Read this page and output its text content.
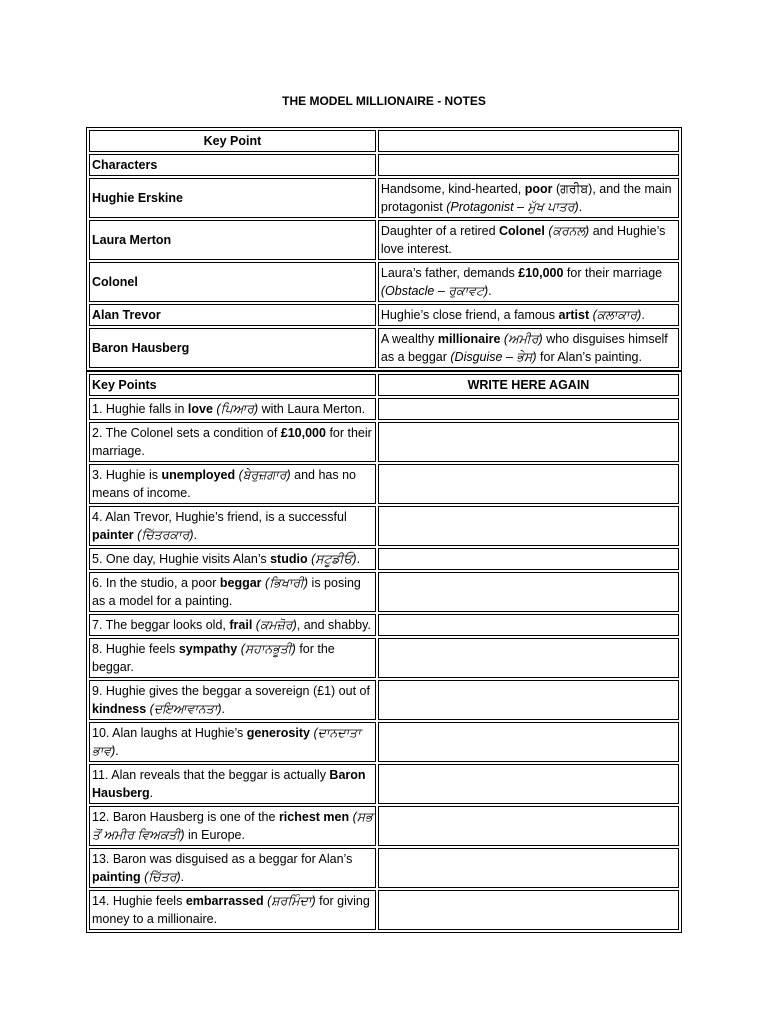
THE MODEL MILLIONAIRE - NOTES
Key Point	
Characters	
Hughie Erskine	Handsome, kind-hearted, poor (ਗਰੀਬ), and the main protagonist (Protagonist – ਮੁੱਖ ਪਾਤਰ).
Laura Merton	Daughter of a retired Colonel (ਕਰਨਲ) and Hughie’s love interest.
Colonel	Laura’s father, demands £10,000 for their marriage (Obstacle – ਰੁਕਾਵਟ).
Alan Trevor	Hughie’s close friend, a famous artist (ਕਲਾਕਾਰ).
Baron Hausberg	A wealthy millionaire (ਅਮੀਰ) who disguises himself as a beggar (Disguise – ਭੇਸ) for Alan’s painting.
Key Points	WRITE HERE AGAIN
1. Hughie falls in love (ਪਿਆਰ) with Laura Merton.	
2. The Colonel sets a condition of £10,000 for their marriage.	
3. Hughie is unemployed (ਬੇਰੁਜ਼ਗਾਰ) and has no means of income.	
4. Alan Trevor, Hughie’s friend, is a successful painter (ਚਿੱਤਰਕਾਰ).	
5. One day, Hughie visits Alan’s studio (ਸਟੂਡੀਓ).	
6. In the studio, a poor beggar (ਭਿਖਾਰੀ) is posing as a model for a painting.	
7. The beggar looks old, frail (ਕਮਜ਼ੋਰ), and shabby.	
8. Hughie feels sympathy (ਸਹਾਨਭੂਤੀ) for the beggar.	
9. Hughie gives the beggar a sovereign (£1) out of kindness (ਦਇਆਵਾਨਤਾ).	
10. Alan laughs at Hughie’s generosity (ਦਾਨਦਾਤਾ ਭਾਵ).	
11. Alan reveals that the beggar is actually Baron Hausberg.	
12. Baron Hausberg is one of the richest men (ਸਭ ਤੋਂ ਅਮੀਰ ਵਿਅਕਤੀ) in Europe.	
13. Baron was disguised as a beggar for Alan’s painting (ਚਿੱਤਰ).	
14. Hughie feels embarrassed (ਸ਼ਰਮਿੰਦਾ) for giving money to a millionaire.	
